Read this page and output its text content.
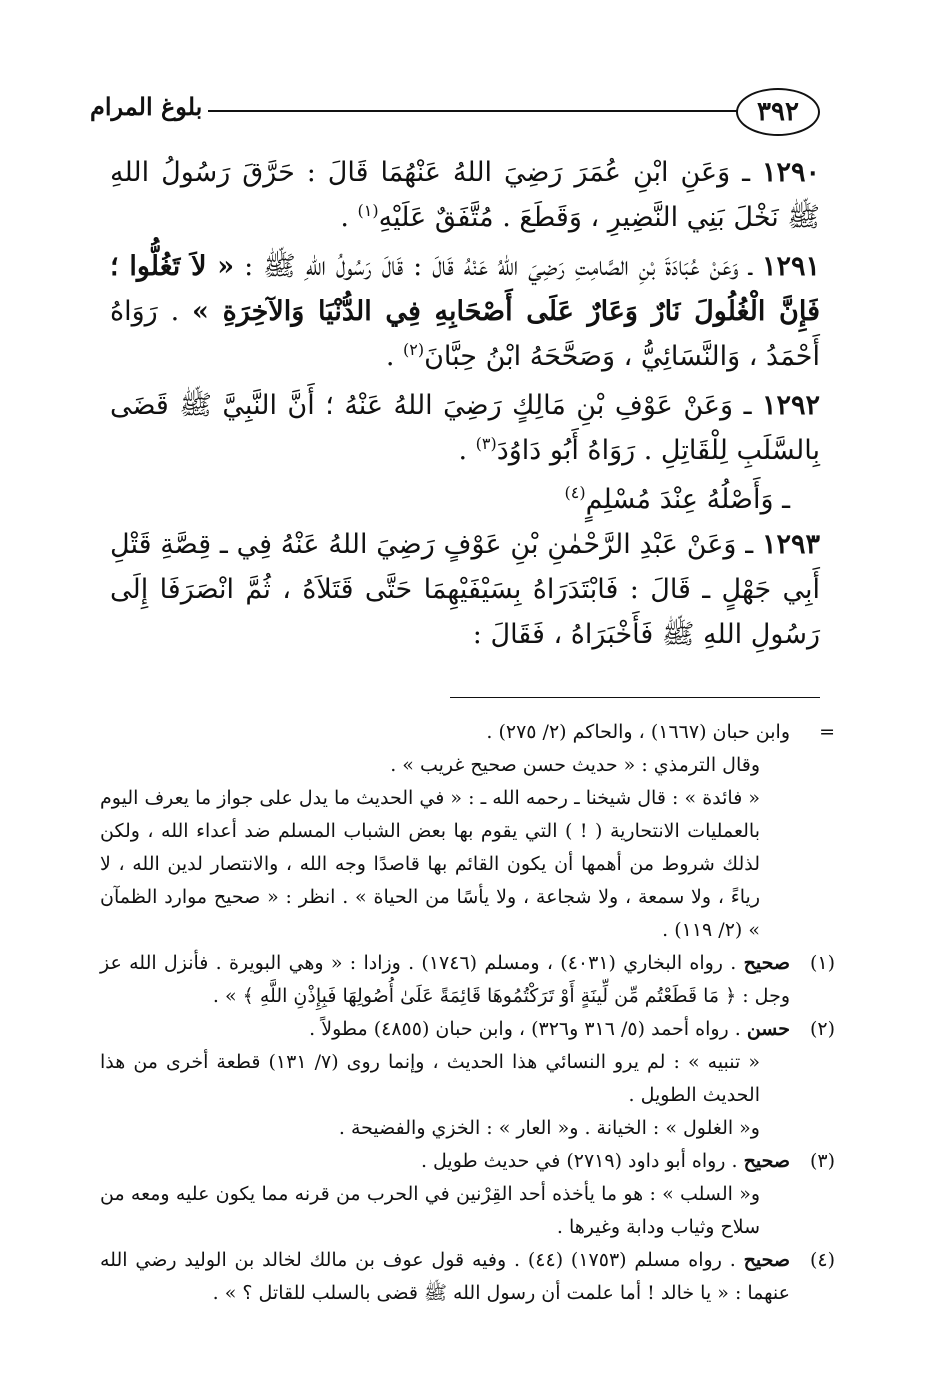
٣٩٢
بلوغ المرام

١٢٩٠ ـ وَعَنِ ابْنِ عُمَرَ رَضِيَ اللهُ عَنْهُمَا قَالَ : حَرَّقَ رَسُولُ اللهِ ﷺ نَخْلَ بَنِي النَّضِيرِ ، وَقَطَعَ . مُتَّفَقٌ عَلَيْهِ$^{(١)}$ .

١٢٩١ ـ وَعَنْ عُبَادَةَ بْنِ الصَّامِتِ رَضِيَ اللهُ عَنْهُ قَالَ : قَالَ رَسُولُ اللهِ ﷺ : « لاَ تَغُلُّوا ؛ فَإِنَّ الْغُلُولَ نَارٌ وَعَارٌ عَلَى أَصْحَابِهِ فِي الدُّنْيَا وَالآخِرَةِ » . رَوَاهُ أَحْمَدُ ، وَالنَّسَائِيُّ ، وَصَحَّحَهُ ابْنُ حِبَّانَ$^{(٢)}$ .

١٢٩٢ ـ وَعَنْ عَوْفِ بْنِ مَالِكٍ رَضِيَ اللهُ عَنْهُ ؛ أَنَّ النَّبِيَّ ﷺ قَضَى بِالسَّلَبِ لِلْقَاتِلِ . رَوَاهُ أَبُو دَاوُدَ$^{(٣)}$ .

ـ وَأَصْلُهُ عِنْدَ مُسْلِمٍ$^{(٤)}$

١٢٩٣ ـ وَعَنْ عَبْدِ الرَّحْمٰنِ بْنِ عَوْفٍ رَضِيَ اللهُ عَنْهُ فِي ـ قِصَّةِ قَتْلِ أَبِي جَهْلٍ ـ قَالَ : فَابْتَدَرَاهُ بِسَيْفَيْهِمَا حَتَّى قَتَلاَهُ ، ثُمَّ انْصَرَفَا إِلَى رَسُولِ اللهِ ﷺ فَأَخْبَرَاهُ ، فَقَالَ :

=

وابن حبان (١٦٦٧) ، والحاكم (٢/ ٢٧٥) .

وقال الترمذي : « حديث حسن صحيح غريب » .

« فائدة » : قال شيخنا ـ رحمه الله ـ : « في الحديث ما يدل على جواز ما يعرف اليوم بالعمليات الانتحارية ( ! ) التي يقوم بها بعض الشباب المسلم ضد أعداء الله ، ولكن لذلك شروط من أهمها أن يكون القائم بها قاصدًا وجه الله ، والانتصار لدين الله ، لا رياءً ، ولا سمعة ، ولا شجاعة ، ولا يأسًا من الحياة » . انظر : « صحيح موارد الظمآن » (٢/ ١١٩) .

(١)

صحيح . رواه البخاري (٤٠٣١) ، ومسلم (١٧٤٦) . وزادا : « وهي البويرة . فأنزل الله عز وجل : ﴿ مَا قَطَعْتُم مِّن لِّينَةٍ أَوْ تَرَكْتُمُوهَا قَائِمَةً عَلَىٰ أُصُولِهَا فَبِإِذْنِ اللَّهِ ﴾ » .

(٢)

حسن . رواه أحمد (٥/ ٣١٦ و٣٢٦) ، وابن حبان (٤٨٥٥) مطولاً .

« تنبيه » : لم يرو النسائي هذا الحديث ، وإنما روى (٧/ ١٣١) قطعة أخرى من هذا الحديث الطويل .

و« الغلول » : الخيانة . و« العار » : الخزي والفضيحة .

(٣)

صحيح . رواه أبو داود (٢٧١٩) في حديث طويل .

و« السلب » : هو ما يأخذه أحد القِرْنين في الحرب من قرنه مما يكون عليه ومعه من سلاح وثياب ودابة وغيرها .

(٤)

صحيح . رواه مسلم (١٧٥٣) (٤٤) . وفيه قول عوف بن مالك لخالد بن الوليد رضي الله عنهما : « يا خالد ! أما علمت أن رسول الله ﷺ قضى بالسلب للقاتل ؟ » .
